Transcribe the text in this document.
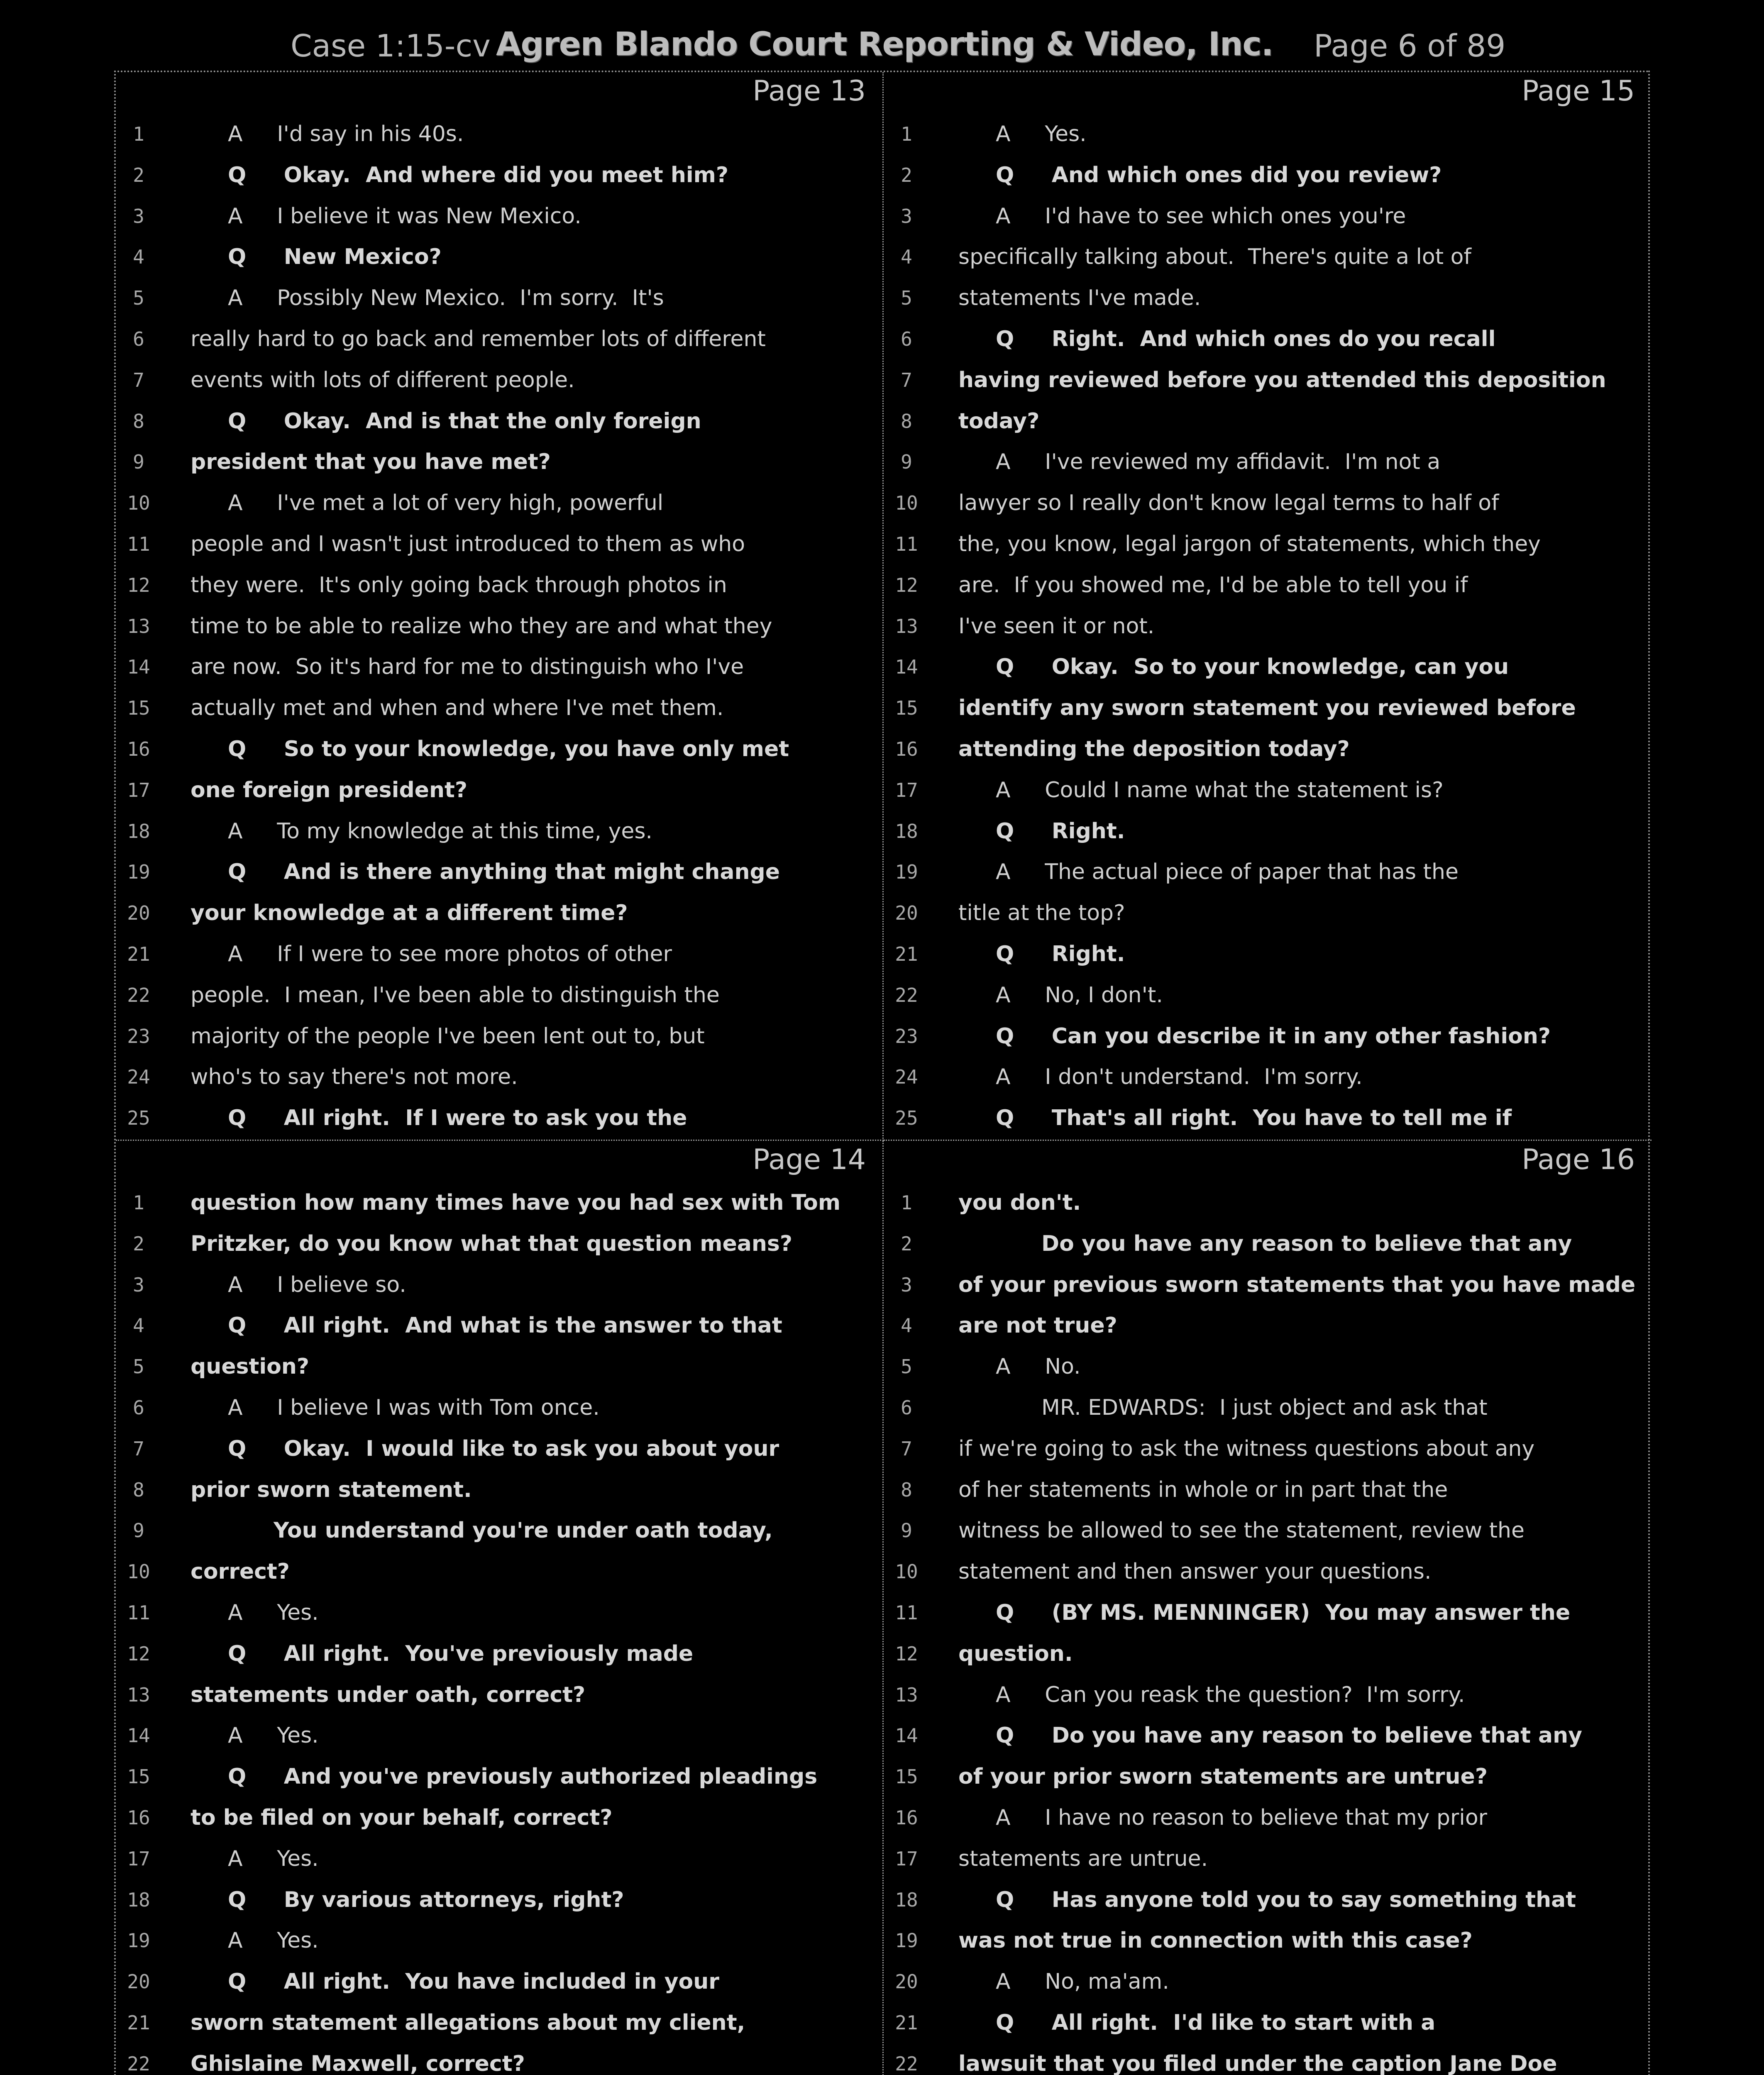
Case 1:15-cv Agren Blando Court Reporting & Video, Inc. Page 6 of 89
Page 13
1	A     I'd say in his 40s.
2	Q     Okay.  And where did you meet him?
3	A     I believe it was New Mexico.
4	Q     New Mexico?
5	A     Possibly New Mexico.  I'm sorry.  It's
6	really hard to go back and remember lots of different
7	events with lots of different people.
8	Q     Okay.  And is that the only foreign
9	president that you have met?
10	A     I've met a lot of very high, powerful
11	people and I wasn't just introduced to them as who
12	they were.  It's only going back through photos in
13	time to be able to realize who they are and what they
14	are now.  So it's hard for me to distinguish who I've
15	actually met and when and where I've met them.
16	Q     So to your knowledge, you have only met
17	one foreign president?
18	A     To my knowledge at this time, yes.
19	Q     And is there anything that might change
20	your knowledge at a different time?
21	A     If I were to see more photos of other
22	people.  I mean, I've been able to distinguish the
23	majority of the people I've been lent out to, but
24	who's to say there's not more.
25	Q     All right.  If I were to ask you the
Page 15
1	A     Yes.
2	Q     And which ones did you review?
3	A     I'd have to see which ones you're
4	specifically talking about.  There's quite a lot of
5	statements I've made.
6	Q     Right.  And which ones do you recall
7	having reviewed before you attended this deposition
8	today?
9	A     I've reviewed my affidavit.  I'm not a
10	lawyer so I really don't know legal terms to half of
11	the, you know, legal jargon of statements, which they
12	are.  If you showed me, I'd be able to tell you if
13	I've seen it or not.
14	Q     Okay.  So to your knowledge, can you
15	identify any sworn statement you reviewed before
16	attending the deposition today?
17	A     Could I name what the statement is?
18	Q     Right.
19	A     The actual piece of paper that has the
20	title at the top?
21	Q     Right.
22	A     No, I don't.
23	Q     Can you describe it in any other fashion?
24	A     I don't understand.  I'm sorry.
25	Q     That's all right.  You have to tell me if
Page 14
1	question how many times have you had sex with Tom
2	Pritzker, do you know what that question means?
3	A     I believe so.
4	Q     All right.  And what is the answer to that
5	question?
6	A     I believe I was with Tom once.
7	Q     Okay.  I would like to ask you about your
8	prior sworn statement.
9	You understand you're under oath today,
10	correct?
11	A     Yes.
12	Q     All right.  You've previously made
13	statements under oath, correct?
14	A     Yes.
15	Q     And you've previously authorized pleadings
16	to be filed on your behalf, correct?
17	A     Yes.
18	Q     By various attorneys, right?
19	A     Yes.
20	Q     All right.  You have included in your
21	sworn statement allegations about my client,
22	Ghislaine Maxwell, correct?
Page 16
1	you don't.
2	Do you have any reason to believe that any
3	of your previous sworn statements that you have made
4	are not true?
5	A     No.
6	MR. EDWARDS:  I just object and ask that
7	if we're going to ask the witness questions about any
8	of her statements in whole or in part that the
9	witness be allowed to see the statement, review the
10	statement and then answer your questions.
11	Q     (BY MS. MENNINGER)  You may answer the
12	question.
13	A     Can you reask the question?  I'm sorry.
14	Q     Do you have any reason to believe that any
15	of your prior sworn statements are untrue?
16	A     I have no reason to believe that my prior
17	statements are untrue.
18	Q     Has anyone told you to say something that
19	was not true in connection with this case?
20	A     No, ma'am.
21	Q     All right.  I'd like to start with a
22	lawsuit that you filed under the caption Jane Doe
